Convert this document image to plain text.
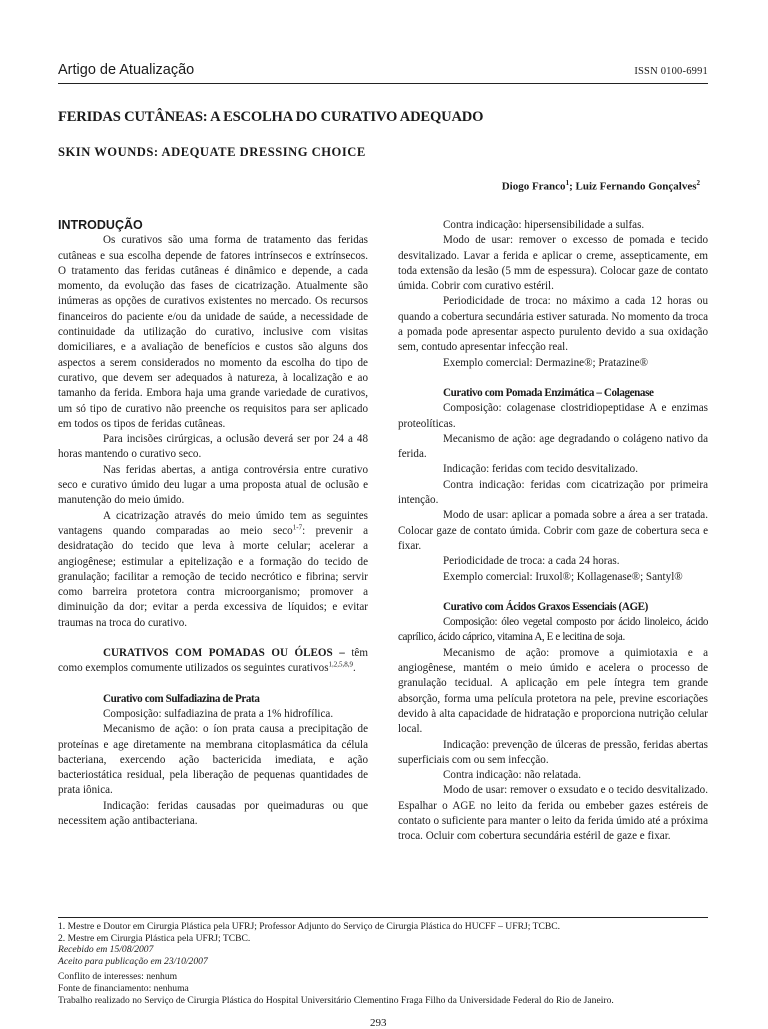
Artigo de Atualização	ISSN 0100-6991
FERIDAS CUTÂNEAS: A ESCOLHA DO CURATIVO ADEQUADO
SKIN WOUNDS: ADEQUATE DRESSING CHOICE
Diogo Franco$^1$; Luiz Fernando Gonçalves$^2$

INTRODUÇÃO

Os curativos são uma forma de tratamento das feridas cutâneas e sua escolha depende de fatores intrínsecos e extrínsecos. O tratamento das feridas cutâneas é dinâmico e depende, a cada momento, da evolução das fases de cicatrização. Atualmente são inúmeras as opções de curativos existentes no mercado. Os recursos financeiros do paciente e/ou da unidade de saúde, a necessidade de continuidade da utilização do curativo, inclusive com visitas domiciliares, e a avaliação de benefícios e custos são alguns dos aspectos a serem considerados no momento da escolha do tipo de curativo, que devem ser adequados à natureza, à localização e ao tamanho da ferida. Embora haja uma grande variedade de curativos, um só tipo de curativo não preenche os requisitos para ser aplicado em todos os tipos de feridas cutâneas.

Para incisões cirúrgicas, a oclusão deverá ser por 24 a 48 horas mantendo o curativo seco.

Nas feridas abertas, a antiga controvérsia entre curativo seco e curativo úmido deu lugar a uma proposta atual de oclusão e manutenção do meio úmido.

A cicatrização através do meio úmido tem as seguintes vantagens quando comparadas ao meio seco$^{1-7}$: prevenir a desidratação do tecido que leva à morte celular; acelerar a angiogênese; estimular a epitelização e a formação do tecido de granulação; facilitar a remoção de tecido necrótico e fibrina; servir como barreira protetora contra microorganismo; promover a diminuição da dor; evitar a perda excessiva de líquidos; e evitar traumas na troca do curativo.

CURATIVOS COM POMADAS OU ÓLEOS – têm como exemplos comumente utilizados os seguintes curativos$^{1,2,5,8,9}$.

Curativo com Sulfadiazina de Prata

Composição: sulfadiazina de prata a 1% hidrofílica.

Mecanismo de ação: o íon prata causa a precipitação de proteínas e age diretamente na membrana citoplasmática da célula bacteriana, exercendo ação bactericida imediata, e ação bacteriostática residual, pela liberação de pequenas quantidades de prata iônica.

Indicação: feridas causadas por queimaduras ou que necessitem ação antibacteriana.

Contra indicação: hipersensibilidade a sulfas.

Modo de usar: remover o excesso de pomada e tecido desvitalizado. Lavar a ferida e aplicar o creme, assepticamente, em toda extensão da lesão (5 mm de espessura). Colocar gaze de contato úmida. Cobrir com curativo estéril.

Periodicidade de troca: no máximo a cada 12 horas ou quando a cobertura secundária estiver saturada. No momento da troca a pomada pode apresentar aspecto purulento devido a sua oxidação sem, contudo apresentar infecção real.

Exemplo comercial: Dermazine®; Pratazine®

Curativo com Pomada Enzimática – Colagenase

Composição: colagenase clostridiopeptidase A e enzimas proteolíticas.

Mecanismo de ação: age degradando o colágeno nativo da ferida.

Indicação: feridas com tecido desvitalizado.

Contra indicação: feridas com cicatrização por primeira intenção.

Modo de usar: aplicar a pomada sobre a área a ser tratada. Colocar gaze de contato úmida. Cobrir com gaze de cobertura seca e fixar.

Periodicidade de troca: a cada 24 horas.

Exemplo comercial: Iruxol®; Kollagenase®; Santyl®

Curativo com Ácidos Graxos Essenciais (AGE)

Composição: óleo vegetal composto por ácido linoleico, ácido caprílico, ácido cáprico, vitamina A, E e lecitina de soja.

Mecanismo de ação: promove a quimiotaxia e a angiogênese, mantém o meio úmido e acelera o processo de granulação tecidual. A aplicação em pele íntegra tem grande absorção, forma uma película protetora na pele, previne escoriações devido à alta capacidade de hidratação e proporciona nutrição celular local.

Indicação: prevenção de úlceras de pressão, feridas abertas superficiais com ou sem infecção.

Contra indicação: não relatada.

Modo de usar: remover o exsudato e o tecido desvitalizado. Espalhar o AGE no leito da ferida ou embeber gazes estéreis de contato o suficiente para manter o leito da ferida úmido até a próxima troca. Ocluir com cobertura secundária estéril de gaze e fixar.

1. Mestre e Doutor em Cirurgia Plástica pela UFRJ; Professor Adjunto do Serviço de Cirurgia Plástica do HUCFF – UFRJ; TCBC.
2. Mestre em Cirurgia Plástica pela UFRJ; TCBC.
Recebido em 15/08/2007
Aceito para publicação em 23/10/2007
Conflito de interesses: nenhum
Fonte de financiamento: nenhuma
Trabalho realizado no Serviço de Cirurgia Plástica do Hospital Universitário Clementino Fraga Filho da Universidade Federal do Rio de Janeiro.
293
